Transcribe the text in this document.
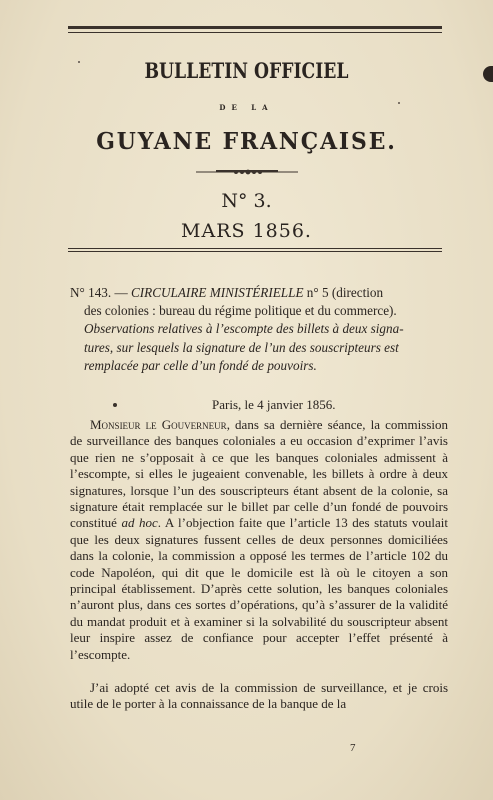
BULLETIN OFFICIEL
DE LA
GUYANE FRANÇAISE.
N° 3.
MARS 1856.
N° 143. — CIRCULAIRE MINISTÉRIELLE n° 5 (direction
des colonies : bureau du régime politique et du commerce).
Observations relatives à l’escompte des billets à deux signa-
tures, sur lesquels la signature de l’un des souscripteurs est
remplacée par celle d’un fondé de pouvoirs.
Paris, le 4 janvier 1856.
Monsieur le Gouverneur, dans sa dernière séance, la commission de surveillance des banques coloniales a eu occasion d’exprimer l’avis que rien ne s’opposait à ce que les banques coloniales admissent à l’escompte, si elles le jugeaient convenable, les billets à ordre à deux signatures, lorsque l’un des souscripteurs étant absent de la colonie, sa signature était remplacée sur le billet par celle d’un fondé de pouvoirs constitué ad hoc. A l’objection faite que l’article 13 des statuts voulait que les deux signatures fussent celles de deux personnes domiciliées dans la colonie, la commission a opposé les termes de l’article 102 du code Napoléon, qui dit que le domicile est là où le citoyen a son principal établissement. D’après cette solution, les banques coloniales n’auront plus, dans ces sortes d’opérations, qu’à s’assurer de la validité du mandat produit et à examiner si la solvabilité du souscripteur absent leur inspire assez de confiance pour accepter l’effet présenté à l’escompte.
J’ai adopté cet avis de la commission de surveillance, et je crois utile de le porter à la connaissance de la banque de la
7
